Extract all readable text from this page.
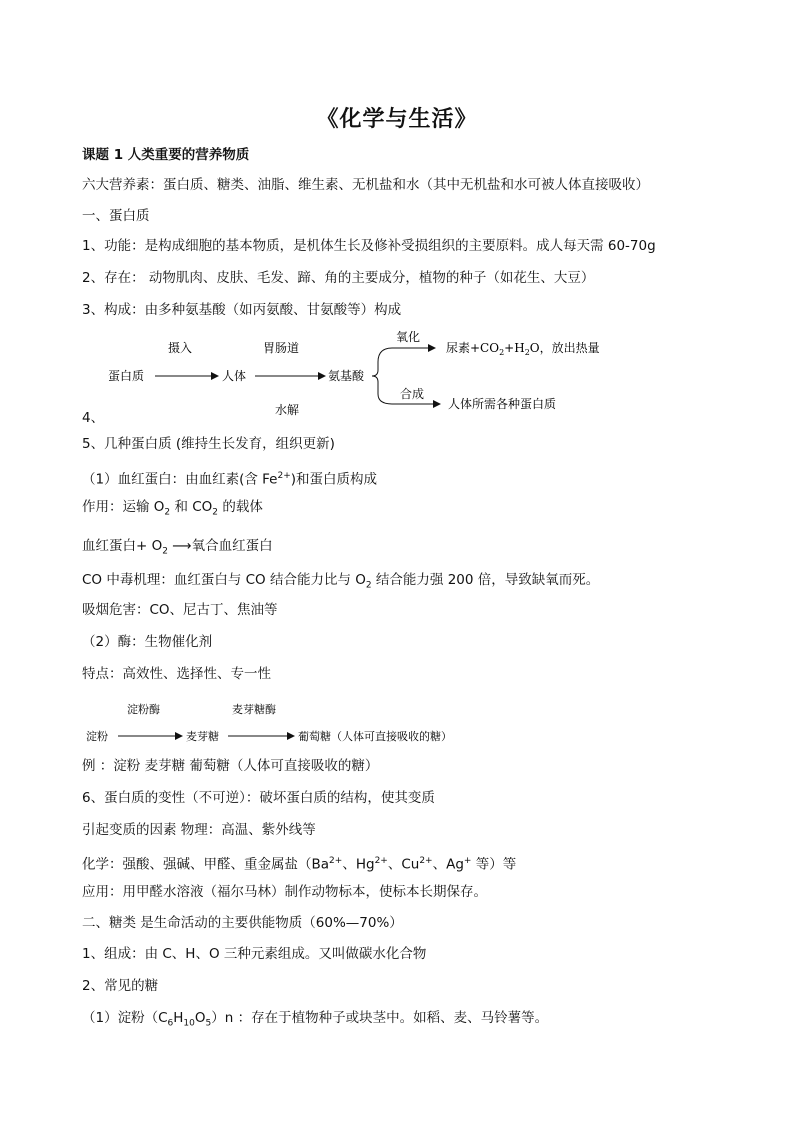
《化学与生活》
课题 1 人类重要的营养物质
六大营养素：蛋白质、糖类、油脂、维生素、无机盐和水（其中无机盐和水可被人体直接吸收）
一、蛋白质
1、功能：是构成细胞的基本物质，是机体生长及修补受损组织的主要原料。成人每天需 60-70g
2、存在： 动物肌肉、皮肤、毛发、蹄、角的主要成分，植物的种子（如花生、大豆）
3、构成：由多种氨基酸（如丙氨酸、甘氨酸等）构成
摄入	胃肠道
蛋白质	人体	氨基酸
水解
氧化
尿素$+CO_2+H_2O$，放出热量
合成
人体所需各种蛋白质
4、
5、几种蛋白质 (维持生长发育，组织更新)
（1）血红蛋白：由血红素(含 $Fe^{2+}$)和蛋白质构成
作用：运输 $O_2$ 和 $CO_2$ 的载体
血红蛋白+ $O_2$ ⟶氧合血红蛋白
CO 中毒机理：血红蛋白与 CO 结合能力比与 $O_2$ 结合能力强 200 倍，导致缺氧而死。
吸烟危害：CO、尼古丁、焦油等
（2）酶：生物催化剂
特点：高效性、选择性、专一性
淀粉酶	麦芽糖酶
淀粉	麦芽糖	葡萄糖（人体可直接吸收的糖）
例 ：淀粉 麦芽糖 葡萄糖（人体可直接吸收的糖）
6、蛋白质的变性（不可逆）：破坏蛋白质的结构，使其变质
引起变质的因素 物理：高温、紫外线等
化学：强酸、强碱、甲醛、重金属盐（$Ba^{2+}$、$Hg^{2+}$、$Cu^{2+}$、Ag+ 等）等
应用：用甲醛水溶液（福尔马林）制作动物标本，使标本长期保存。
二、糖类 是生命活动的主要供能物质（60%—70%）
1、组成：由 C、H、O 三种元素组成。又叫做碳水化合物
2、常见的糖
（1）淀粉$(C_6H_{10}O_5)n$ ：存在于植物种子或块茎中。如稻、麦、马铃薯等。
